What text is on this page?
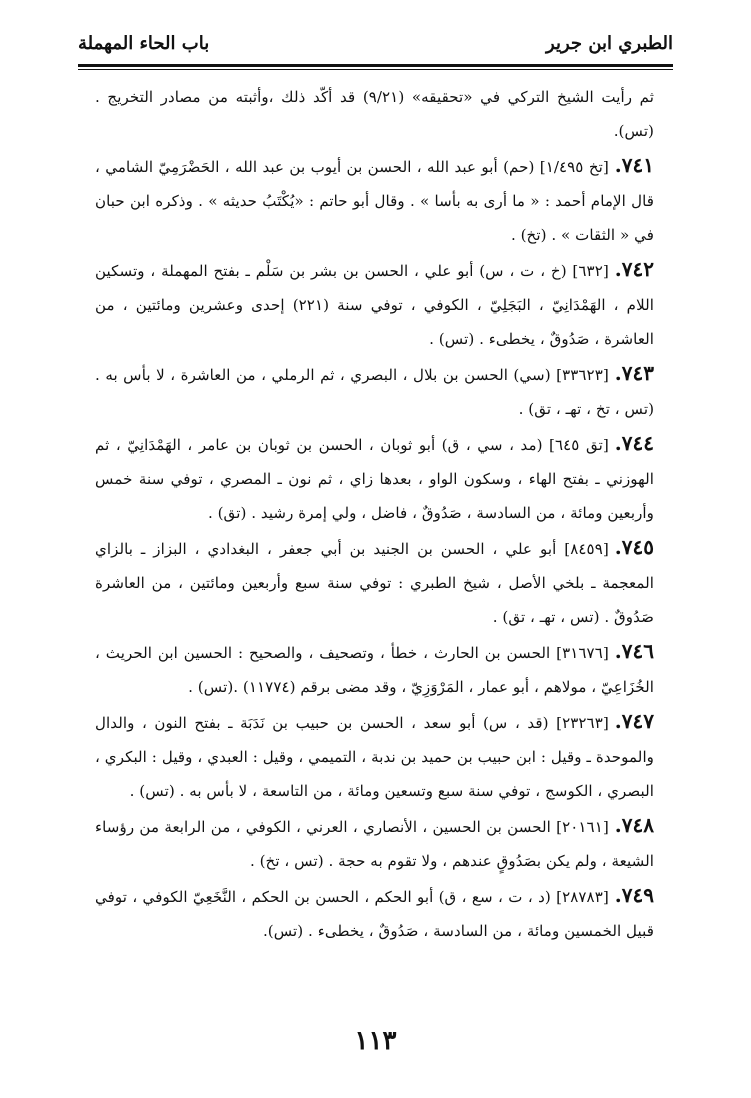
الطبري ابن جرير
باب الحاء المهملة

ثم رأيت الشيخ التركي في «تحقيقه» (٩/٢١) قد أكّد ذلك ،وأثبته من مصادر التخريج . (تس).

٧٤١.[تخ ١/٤٩٥] (حم) أبو عبد الله ، الحسن بن أيوب بن عبد الله ، الحَضْرَمِيّ الشامي ، قال الإمام أحمد : « ما أرى به بأسا » . وقال أبو حاتم : «يُكْتَبُ حديثه » . وذكره ابن حبان في « الثقات » . (تخ) .

٧٤٢.[٦٣٢] (خ ، ت ، س) أبو علي ، الحسن بن بشر بن سَلْم ـ بفتح المهملة ، وتسكين اللام ، الهَمْدَانِيّ ، البَجَلِيّ ، الكوفي ، توفي سنة (٢٢١) إحدى وعشرين ومائتين ، من العاشرة ، صَدُوقٌ ، يخطىء . (تس) .

٧٤٣.[٣٣٦٢٣] (سي) الحسن بن بلال ، البصري ، ثم الرملي ، من العاشرة ، لا بأس به . (تس ، تخ ، تهـ ، تق) .

٧٤٤.[تق ٦٤٥] (مد ، سي ، ق) أبو ثوبان ، الحسن بن ثوبان بن عامر ، الهَمْدَانِيّ ، ثم الهوزني ـ بفتح الهاء ، وسكون الواو ، بعدها زاي ، ثم نون ـ المصري ، توفي سنة خمس وأربعين ومائة ، من السادسة ، صَدُوقٌ ، فاضل ، ولي إمرة رشيد . (تق) .

٧٤٥.[٨٤٥٩] أبو علي ، الحسن بن الجنيد بن أبي جعفر ، البغدادي ، البزاز ـ بالزاي المعجمة ـ بلخي الأصل ، شيخ الطبري : توفي سنة سبع وأربعين ومائتين ، من العاشرة صَدُوقٌ . (تس ، تهـ ، تق) .

٧٤٦.[٣١٦٧٦] الحسن بن الحارث ، خطأ ، وتصحيف ، والصحيح : الحسين ابن الحريث ، الخُزَاعِيّ ، مولاهم ، أبو عمار ، المَرْوَزِيّ ، وقد مضى برقم (١١٧٧٤) .(تس) .

٧٤٧.[٢٣٢٦٣] (قد ، س) أبو سعد ، الحسن بن حبيب بن نَدَبَة ـ بفتح النون ، والدال والموحدة ـ وقيل : ابن حبيب بن حميد بن ندبة ، التميمي ، وقيل : العبدي ، وقيل : البكري ، البصري ، الكوسج ، توفي سنة سبع وتسعين ومائة ، من التاسعة ، لا بأس به . (تس) .

٧٤٨.[٢٠١٦١] الحسن بن الحسين ، الأنصاري ، العرني ، الكوفي ، من الرابعة من رؤساء الشيعة ، ولم يكن بصَدُوقٍ عندهم ، ولا تقوم به حجة . (تس ، تخ) .

٧٤٩.[٢٨٧٨٣] (د ، ت ، سع ، ق) أبو الحكم ، الحسن بن الحكم ، النَّخَعِيّ الكوفي ، توفي قبيل الخمسين ومائة ، من السادسة ، صَدُوقٌ ، يخطىء . (تس).

١١٣
